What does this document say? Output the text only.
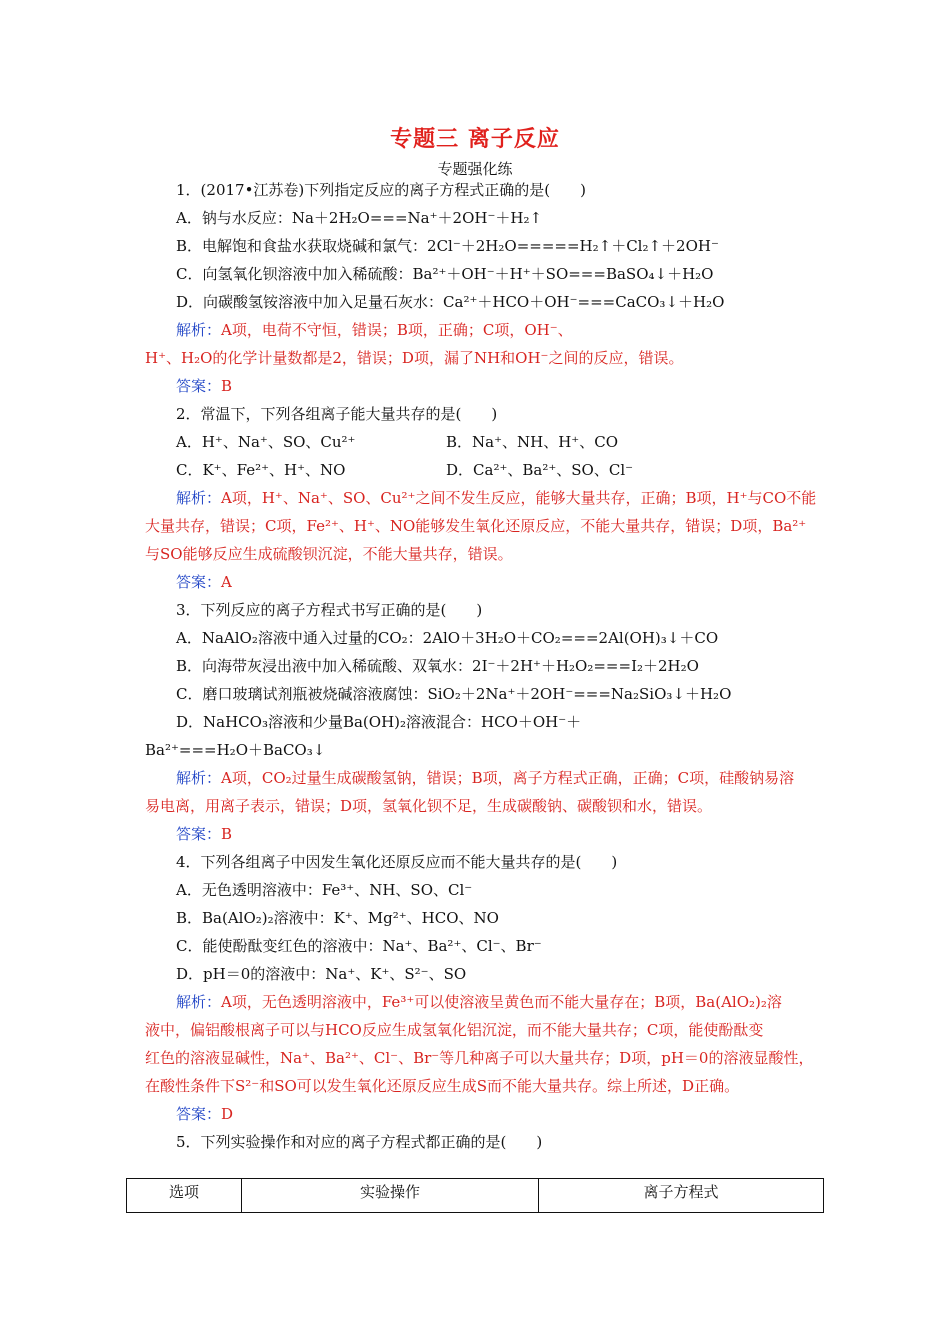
专题三 离子反应
专题强化练
1．(2017•江苏卷)下列指定反应的离子方程式正确的是(　　)
A．钠与水反应：Na＋2H₂O===Na⁺＋2OH⁻＋H₂↑
B．电解饱和食盐水获取烧碱和氯气：2Cl⁻＋2H₂O=====H₂↑＋Cl₂↑＋2OH⁻
C．向氢氧化钡溶液中加入稀硫酸：Ba²⁺＋OH⁻＋H⁺＋SO===BaSO₄↓＋H₂O
D．向碳酸氢铵溶液中加入足量石灰水：Ca²⁺＋HCO＋OH⁻===CaCO₃↓＋H₂O
解析：A项，电荷不守恒，错误；B项，正确；C项，OH⁻、
H⁺、H₂O的化学计量数都是2，错误；D项，漏了NH和OH⁻之间的反应，错误。
答案：B
2．常温下，下列各组离子能大量共存的是(　　)
A．H⁺、Na⁺、SO、Cu²⁺	B．Na⁺、NH、H⁺、CO
C．K⁺、Fe²⁺、H⁺、NO	D．Ca²⁺、Ba²⁺、SO、Cl⁻
解析：A项，H⁺、Na⁺、SO、Cu²⁺之间不发生反应，能够大量共存，正确；B项，H⁺与CO不能
大量共存，错误；C项，Fe²⁺、H⁺、NO能够发生氧化还原反应，不能大量共存，错误；D项，Ba²⁺
与SO能够反应生成硫酸钡沉淀，不能大量共存，错误。
答案：A
3．下列反应的离子方程式书写正确的是(　　)
A．NaAlO₂溶液中通入过量的CO₂：2AlO＋3H₂O＋CO₂===2Al(OH)₃↓＋CO
B．向海带灰浸出液中加入稀硫酸、双氧水：2I⁻＋2H⁺＋H₂O₂===I₂＋2H₂O
C．磨口玻璃试剂瓶被烧碱溶液腐蚀：SiO₂＋2Na⁺＋2OH⁻===Na₂SiO₃↓＋H₂O
D．NaHCO₃溶液和少量Ba(OH)₂溶液混合：HCO＋OH⁻＋
Ba²⁺===H₂O＋BaCO₃↓
解析：A项，CO₂过量生成碳酸氢钠，错误；B项，离子方程式正确，正确；C项，硅酸钠易溶
易电离，用离子表示，错误；D项，氢氧化钡不足，生成碳酸钠、碳酸钡和水，错误。
答案：B
4．下列各组离子中因发生氧化还原反应而不能大量共存的是(　　)
A．无色透明溶液中：Fe³⁺、NH、SO、Cl⁻
B．Ba(AlO₂)₂溶液中：K⁺、Mg²⁺、HCO、NO
C．能使酚酞变红色的溶液中：Na⁺、Ba²⁺、Cl⁻、Br⁻
D．pH＝0的溶液中：Na⁺、K⁺、S²⁻、SO
解析：A项，无色透明溶液中，Fe³⁺可以使溶液呈黄色而不能大量存在；B项，Ba(AlO₂)₂溶
液中，偏铝酸根离子可以与HCO反应生成氢氧化铝沉淀，而不能大量共存；C项，能使酚酞变
红色的溶液显碱性，Na⁺、Ba²⁺、Cl⁻、Br⁻等几种离子可以大量共存；D项，pH＝0的溶液显酸性，
在酸性条件下S²⁻和SO可以发生氧化还原反应生成S而不能大量共存。综上所述，D正确。
答案：D
5．下列实验操作和对应的离子方程式都正确的是(　　)
选项	实验操作	离子方程式
